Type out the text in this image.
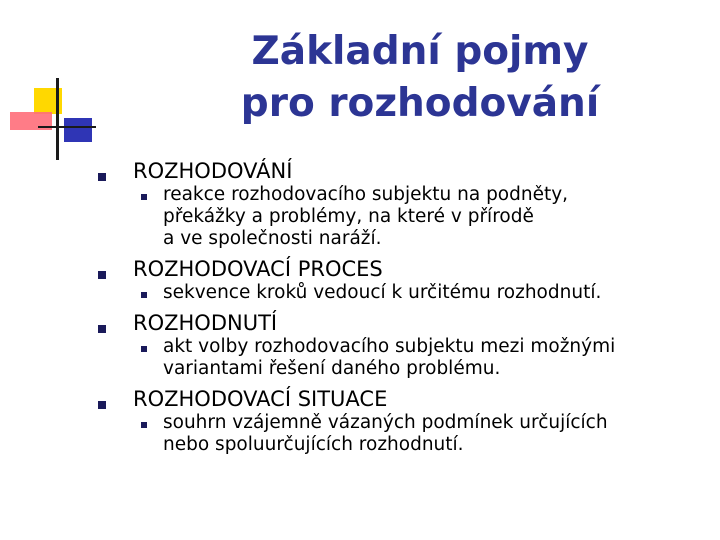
Základní pojmy
pro rozhodování
ROZHODOVÁNÍ
reakce rozhodovacího subjektu na podněty,
překážky a problémy, na které v přírodě
a ve společnosti naráží.
ROZHODOVACÍ PROCES
sekvence kroků vedoucí k určitému rozhodnutí.
ROZHODNUTÍ
akt volby rozhodovacího subjektu mezi možnými
variantami řešení daného problému.
ROZHODOVACÍ SITUACE
souhrn vzájemně vázaných podmínek určujících
nebo spoluurčujících rozhodnutí.
